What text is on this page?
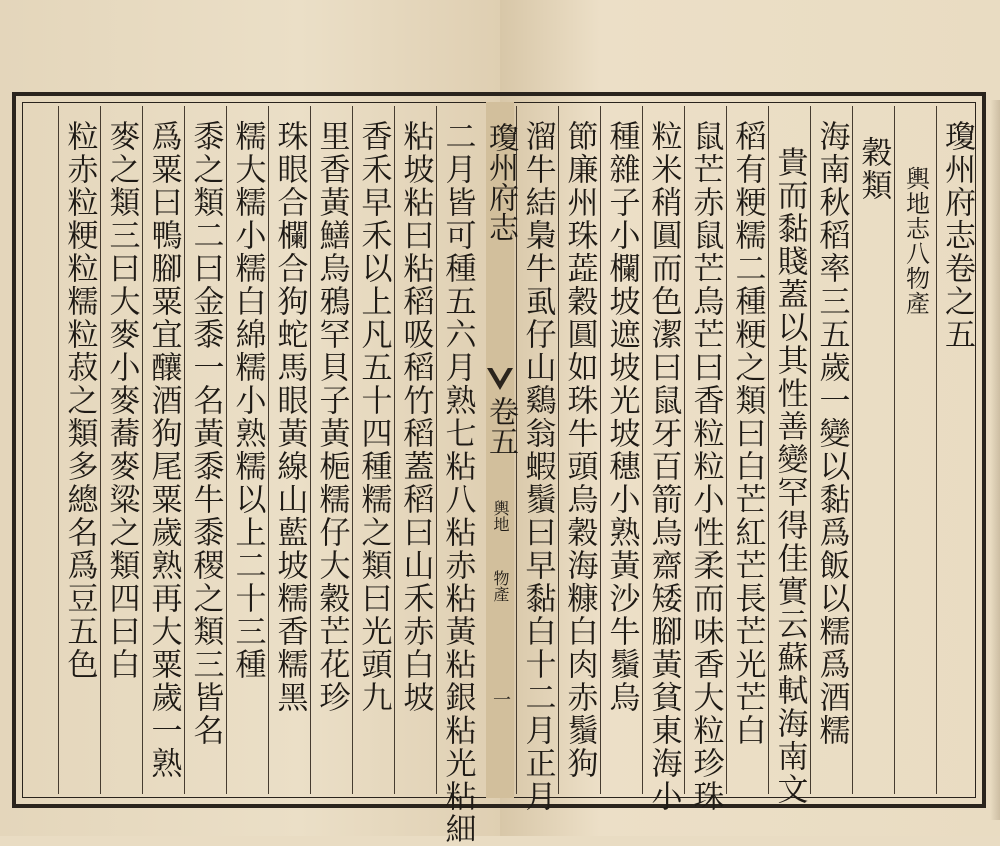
瓊州府志卷之五
輿地志八物產
穀類
海南秋稻率三五歲一變以黏爲飯以糯爲酒糯
貴而黏賤蓋以其性善變罕得佳實云蘇軾海南文
稻有粳糯二種粳之類曰白芒紅芒長芒光芒白
鼠芒赤鼠芒烏芒曰香粒粒小性柔而味香大粒珍珠
粒米稍圓而色潔曰鼠牙百箭烏齋矮腳黃貧東海小
種雜子小欄坡遮坡光坡穗小熟黃沙牛鬚烏
節廉州珠蕋穀圓如珠牛頭烏穀海糠白肉赤鬚狗
溜牛結梟牛虱仔山鷄翁蝦鬚曰早黏白十二月正月
瓊州府志
卷五
輿地
物產
一
二月皆可種五六月熟七粘八粘赤粘黃粘銀粘光粘細
粘坡粘曰粘稻吸稻竹稻蓋稻曰山禾赤白坡
香禾早禾以上凡五十四種糯之類曰光頭九
里香黃鱔烏鴉罕貝子黃梔糯仔大穀芒花珍
珠眼合欄合狗蛇馬眼黃線山藍坡糯香糯黑
糯大糯小糯白綿糯小熟糯以上二十三種
黍之類二曰金黍一名黃黍牛黍稷之類三皆名
爲粟曰鴨腳粟宜釀酒狗尾粟歲熟再大粟歲一熟
麥之類三曰大麥小麥蕎麥粱之類四曰白
粒赤粒粳粒糯粒菽之類多總名爲豆五色
